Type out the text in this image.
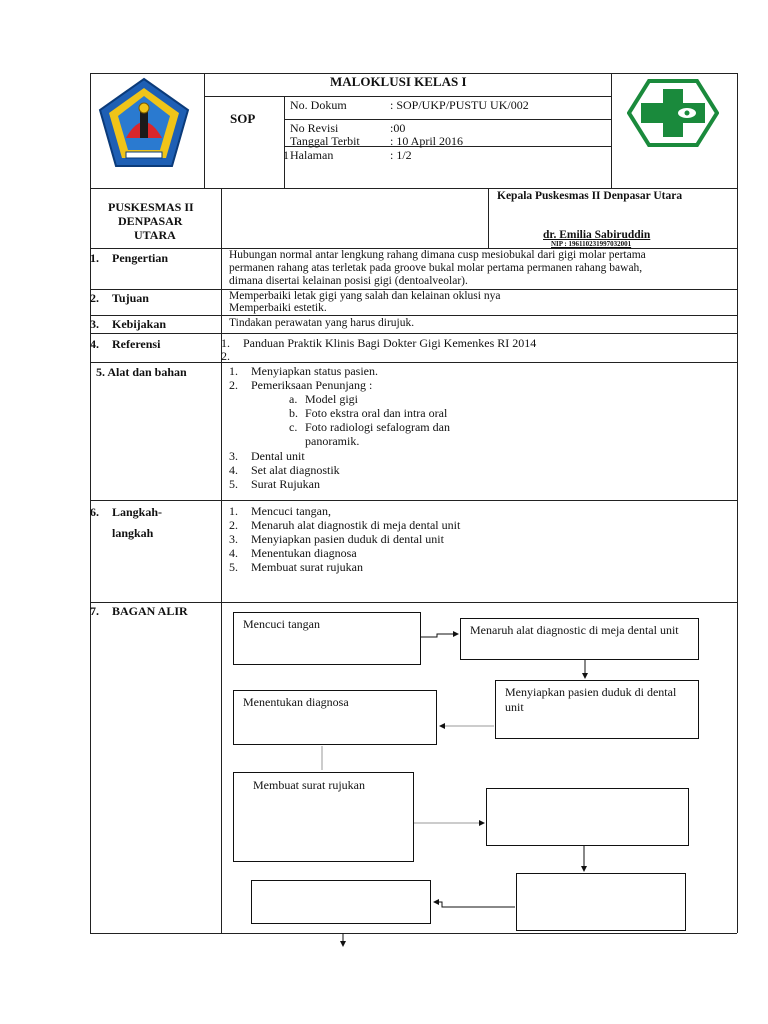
MALOKLUSI KELAS I
SOP
No. Dokum	: SOP/UKP/PUSTU UK/002
No Revisi	:00
Tanggal Terbit	: 10 April 2016
1 Halaman	: 1/2
PUSKESMAS II
DENPASAR
UTARA
Kepala Puskesmas II Denpasar Utara
dr. Emilia Sabiruddin
NIP : 196110231997032001
1. Pengertian	Hubungan normal antar lengkung rahang dimana cusp mesiobukal dari gigi molar pertama
permanen rahang atas terletak pada groove bukal molar pertama permanen rahang bawah,
dimana disertai kelainan posisi gigi (dentoalveolar).
2. Tujuan	Memperbaiki letak gigi yang salah dan kelainan oklusi nya
Memperbaiki estetik.
3. Kebijakan	Tindakan perawatan yang harus dirujuk.
4. Referensi	1. Panduan Praktik Klinis Bagi Dokter Gigi Kemenkes RI 2014
2.
5. Alat dan bahan	1. Menyiapkan status pasien.
2. Pemeriksaan Penunjang :
a. Model gigi
b. Foto ekstra oral dan intra oral
c. Foto radiologi sefalogram dan
panoramik.
3. Dental unit
4. Set alat diagnostik
5. Surat Rujukan
6. Langkah-
langkah
1. Mencuci tangan,
2. Menaruh alat diagnostik di meja dental unit
3. Menyiapkan pasien duduk di dental unit
4. Menentukan diagnosa
5. Membuat surat rujukan
7. BAGAN ALIR
Mencuci tangan	Menaruh alat diagnostic di meja dental unit
Menyiapkan pasien duduk di dental unit
Menentukan diagnosa
Membuat surat rujukan
